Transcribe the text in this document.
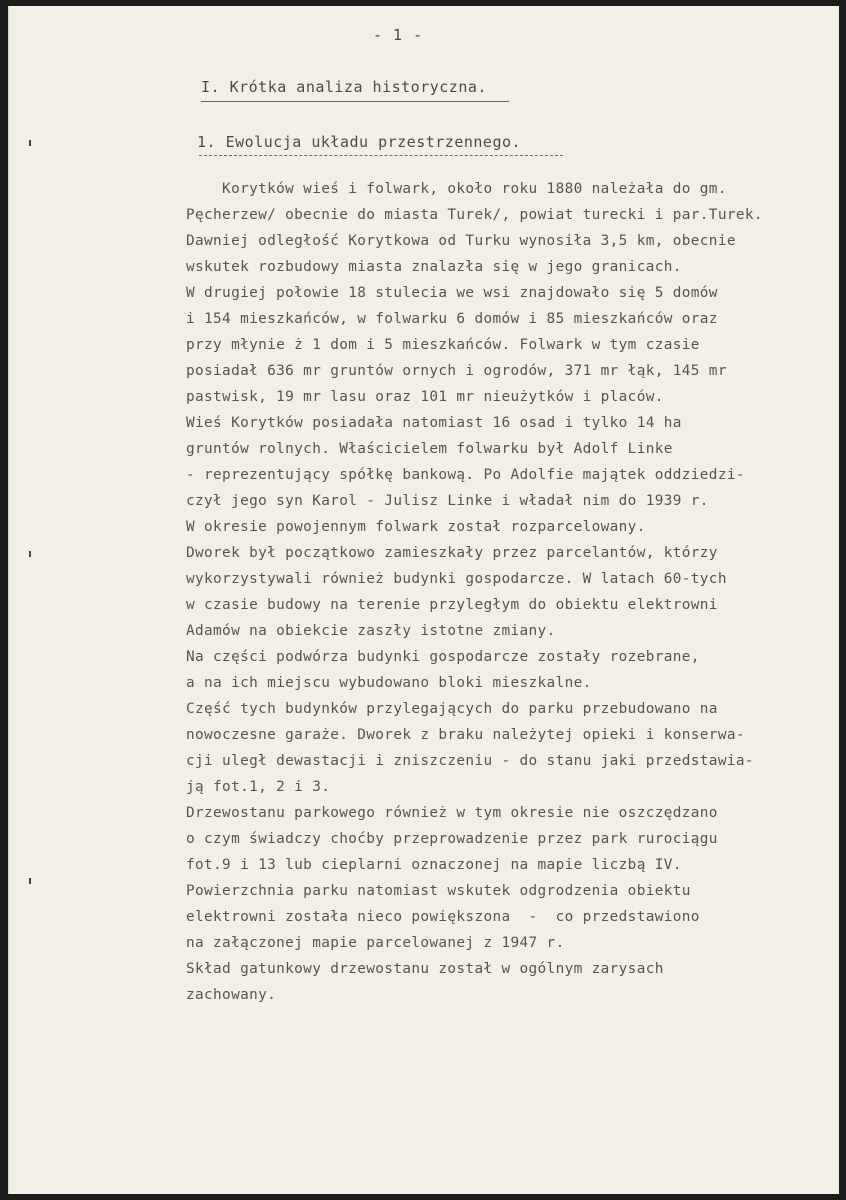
- 1 -
I. Krótka analiza historyczna.
1. Ewolucja układu przestrzennego.
Korytków wieś i folwark, około roku 1880 należała do gm.
Pęcherzew/ obecnie do miasta Turek/, powiat turecki i par.Turek.
Dawniej odległość Korytkowa od Turku wynosiła 3,5 km, obecnie
wskutek rozbudowy miasta znalazła się w jego granicach.
W drugiej połowie 18 stulecia we wsi znajdowało się 5 domów
i 154 mieszkańców, w folwarku 6 domów i 85 mieszkańców oraz
przy młynie ż 1 dom i 5 mieszkańców. Folwark w tym czasie
posiadał 636 mr gruntów ornych i ogrodów, 371 mr łąk, 145 mr
pastwisk, 19 mr lasu oraz 101 mr nieużytków i placów.
Wieś Korytków posiadała natomiast 16 osad i tylko 14 ha
gruntów rolnych. Właścicielem folwarku był Adolf Linke
- reprezentujący spółkę bankową. Po Adolfie majątek oddziedzi-
czył jego syn Karol - Julisz Linke i władał nim do 1939 r.
W okresie powojennym folwark został rozparcelowany.
Dworek był początkowo zamieszkały przez parcelantów, którzy
wykorzystywali również budynki gospodarcze. W latach 60-tych
w czasie budowy na terenie przyległym do obiektu elektrowni
Adamów na obiekcie zaszły istotne zmiany.
Na części podwórza budynki gospodarcze zostały rozebrane,
a na ich miejscu wybudowano bloki mieszkalne.
Część tych budynków przylegających do parku przebudowano na
nowoczesne garaże. Dworek z braku należytej opieki i konserwa-
cji uległ dewastacji i zniszczeniu - do stanu jaki przedstawia-
ją fot.1, 2 i 3.
Drzewostanu parkowego również w tym okresie nie oszczędzano
o czym świadczy choćby przeprowadzenie przez park rurociągu
fot.9 i 13 lub cieplarni oznaczonej na mapie liczbą IV.
Powierzchnia parku natomiast wskutek odgrodzenia obiektu
elektrowni została nieco powiększona  -  co przedstawiono
na załączonej mapie parcelowanej z 1947 r.
Skład gatunkowy drzewostanu został w ogólnym zarysach
zachowany.
